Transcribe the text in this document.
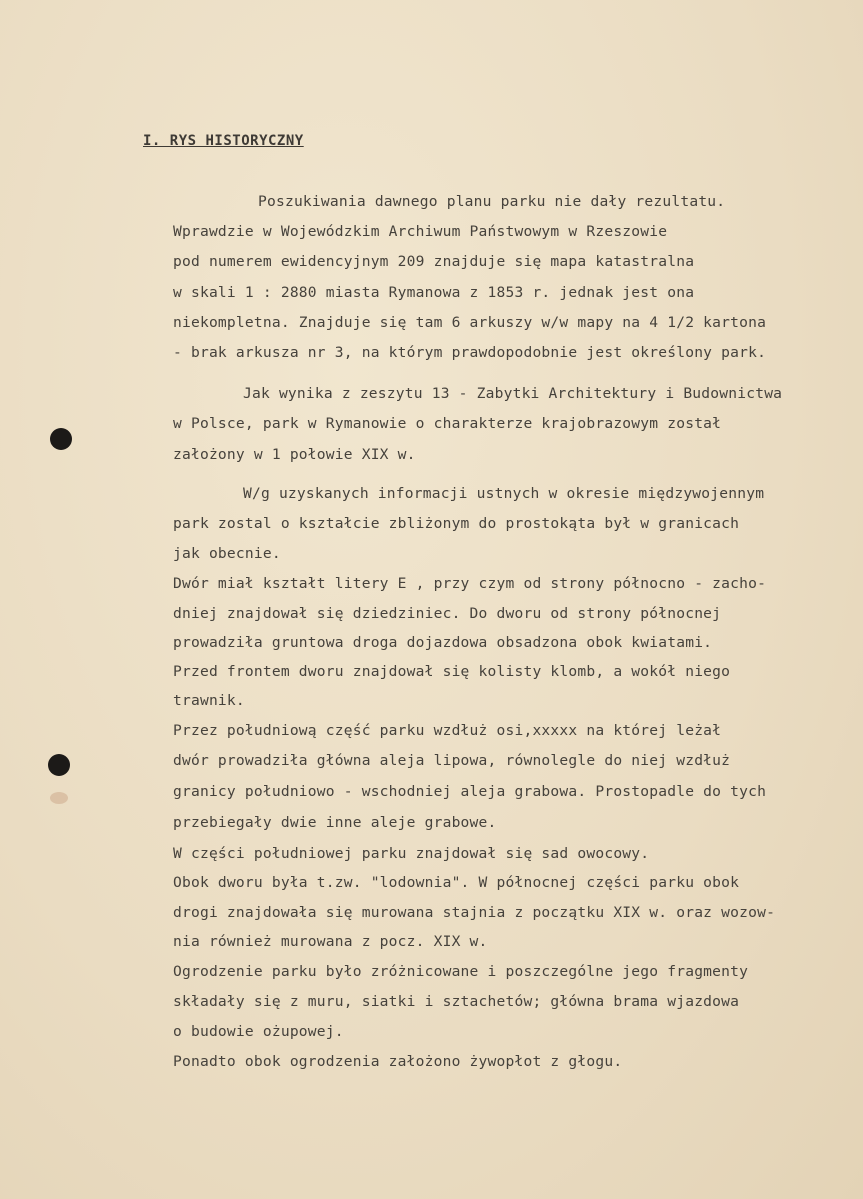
I. RYS HISTORYCZNY
Poszukiwania dawnego planu parku nie dały rezultatu.
Wprawdzie w Wojewódzkim Archiwum Państwowym w Rzeszowie
pod numerem ewidencyjnym 209 znajduje się mapa katastralna
w skali 1 : 2880 miasta Rymanowa z 1853 r. jednak jest ona
niekompletna. Znajduje się tam 6 arkuszy w/w mapy na 4 1/2 kartona
- brak arkusza nr 3, na którym prawdopodobnie jest określony park.
Jak wynika z zeszytu 13 - Zabytki Architektury i Budownictwa
w Polsce, park w Rymanowie o charakterze krajobrazowym został
założony w 1 połowie XIX w.
W/g uzyskanych informacji ustnych w okresie międzywojennym
park zostal o kształcie zbliżonym do prostokąta był w granicach
jak obecnie.
Dwór miał kształt litery E , przy czym od strony północno - zacho-
dniej znajdował się dziedziniec. Do dworu od strony północnej
prowadziła gruntowa droga dojazdowa obsadzona obok kwiatami.
Przed frontem dworu znajdował się kolisty klomb, a wokół niego
trawnik.
Przez południową część parku wzdłuż osi,xxxxx na której leżał
dwór prowadziła główna aleja lipowa, równolegle do niej wzdłuż
granicy południowo - wschodniej aleja grabowa. Prostopadle do tych
przebiegały dwie inne aleje grabowe.
W części południowej parku znajdował się sad owocowy.
Obok dworu była t.zw. "lodownia". W północnej części parku obok
drogi znajdowała się murowana stajnia z początku XIX w. oraz wozow-
nia również murowana z pocz. XIX w.
Ogrodzenie parku było zróżnicowane i poszczególne jego fragmenty
składały się z muru, siatki i sztachetów; główna brama wjazdowa
o budowie ożupowej.
Ponadto obok ogrodzenia założono żywopłot z głogu.
